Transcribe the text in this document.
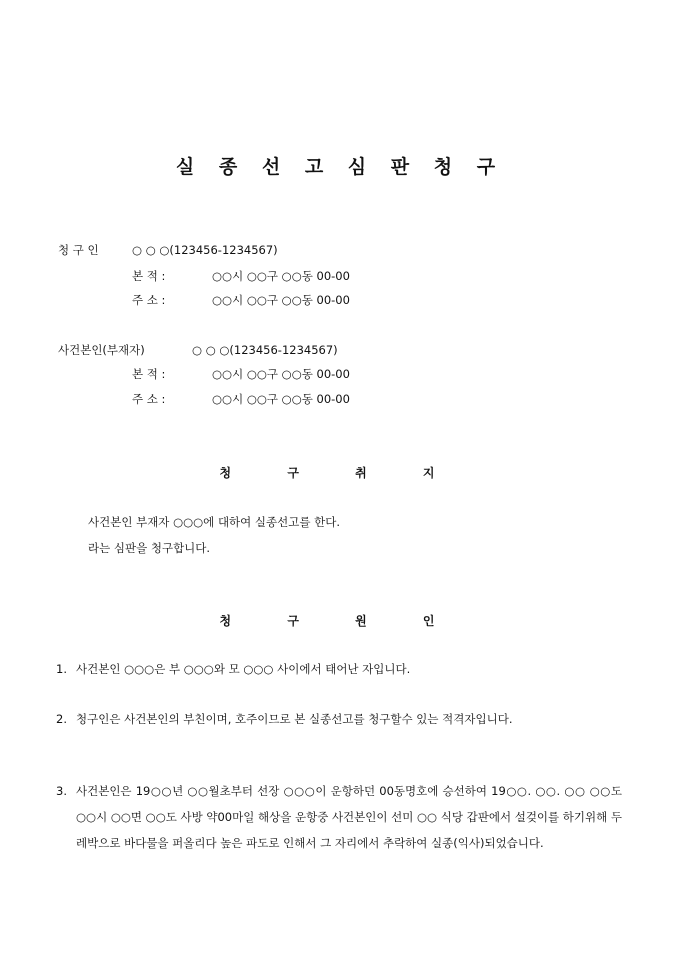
실 종 선 고 심 판 청 구
청 구 인	○ ○ ○(123456-1234567)
본 적 :	○○시 ○○구 ○○동 00-00
주 소 :	○○시 ○○구 ○○동 00-00
사건본인(부재자)	○ ○ ○(123456-1234567)
본 적 :	○○시 ○○구 ○○동 00-00
주 소 :	○○시 ○○구 ○○동 00-00
청 구 취 지
사건본인 부재자 ○○○에 대하여 실종선고를 한다.
라는 심판을 청구합니다.
청 구 원 인
1. 사건본인 ○○○은 부 ○○○와 모 ○○○ 사이에서 태어난 자입니다.
2. 청구인은 사건본인의 부친이며, 호주이므로 본 실종선고를 청구할수 있는 적격자입니다.
3. 사건본인은 19○○년 ○○월초부터 선장 ○○○이 운항하던 00동명호에 승선하여 19○○. ○○. ○○ ○○도 ○○시 ○○면 ○○도 사방 약00마일 해상을 운항중 사건본인이 선미 ○○ 식당 갑판에서 설겆이를 하기위해 두레박으로 바다물을 퍼올리다 높은 파도로 인해서 그 자리에서 추락하여 실종(익사)되었습니다.
